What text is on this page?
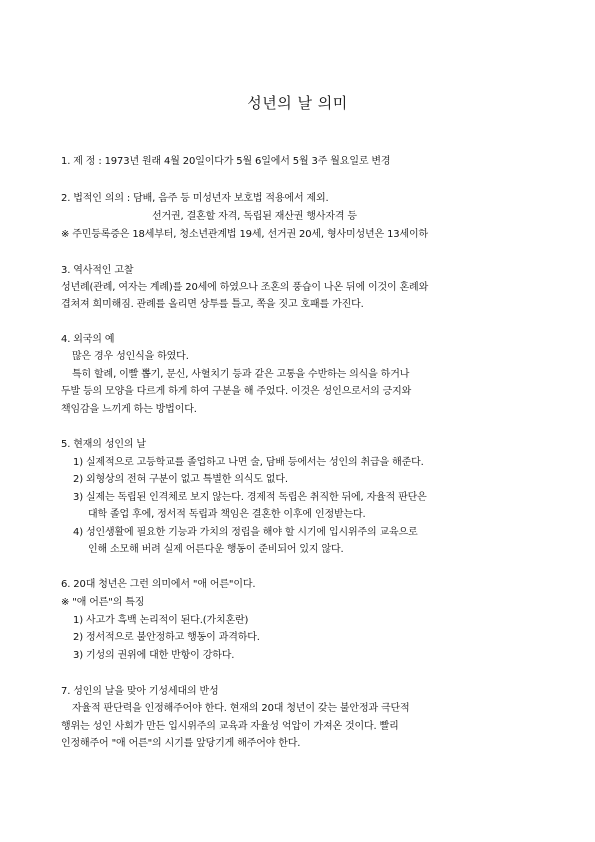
성년의 날 의미
1. 제 정 : 1973년 원래 4월 20일이다가 5월 6일에서 5월 3주 월요일로 변경
2. 법적인 의의 : 담배, 음주 등 미성년자 보호법 적용에서 제외.
선거권, 결혼할 자격, 독립된 재산권 행사자격 등
※ 주민등록증은 18세부터, 청소년관계법 19세, 선거권 20세, 형사미성년은 13세이하
3. 역사적인 고찰
성년례(관례, 여자는 계례)를 20세에 하였으나 조혼의 풍습이 나온 뒤에 이것이 혼례와
겹쳐져 희미해짐. 관례를 올리면 상투를 틀고, 쪽을 짓고 호패를 가진다.
4. 외국의 예
많은 경우 성인식을 하였다.
특히 할례, 이빨 뽑기, 문신, 사혈치기 등과 같은 고통을 수반하는 의식을 하거나
두발 등의 모양을 다르게 하게 하여 구분을 해 주었다. 이것은 성인으로서의 긍지와
책임감을 느끼게 하는 방법이다.
5. 현재의 성인의 날
1) 실제적으로 고등학교를 졸업하고 나면 술, 담배 등에서는 성인의 취급을 해준다.
2) 외형상의 전혀 구분이 없고 특별한 의식도 없다.
3) 실제는 독립된 인격체로 보지 않는다. 경제적 독립은 취직한 뒤에, 자율적 판단은
대학 졸업 후에, 정서적 독립과 책임은 결혼한 이후에 인정받는다.
4) 성인생활에 필요한 기능과 가치의 정립을 해야 할 시기에 입시위주의 교육으로
인해 소모해 버려 실제 어른다운 행동이 준비되어 있지 않다.
6. 20대 청년은 그런 의미에서 "애 어른"이다.
※ "애 어른"의 특징
1) 사고가 흑백 논리적이 된다.(가치혼란)
2) 정서적으로 불안정하고 행동이 과격하다.
3) 기성의 권위에 대한 반항이 강하다.
7. 성인의 날을 맞아 기성세대의 반성
자율적 판단력을 인정해주어야 한다. 현재의 20대 청년이 갖는 불안정과 극단적
행위는 성인 사회가 만든 입시위주의 교육과 자율성 억압이 가져온 것이다. 빨리
인정해주어 "애 어른"의 시기를 앞당기게 해주어야 한다.
